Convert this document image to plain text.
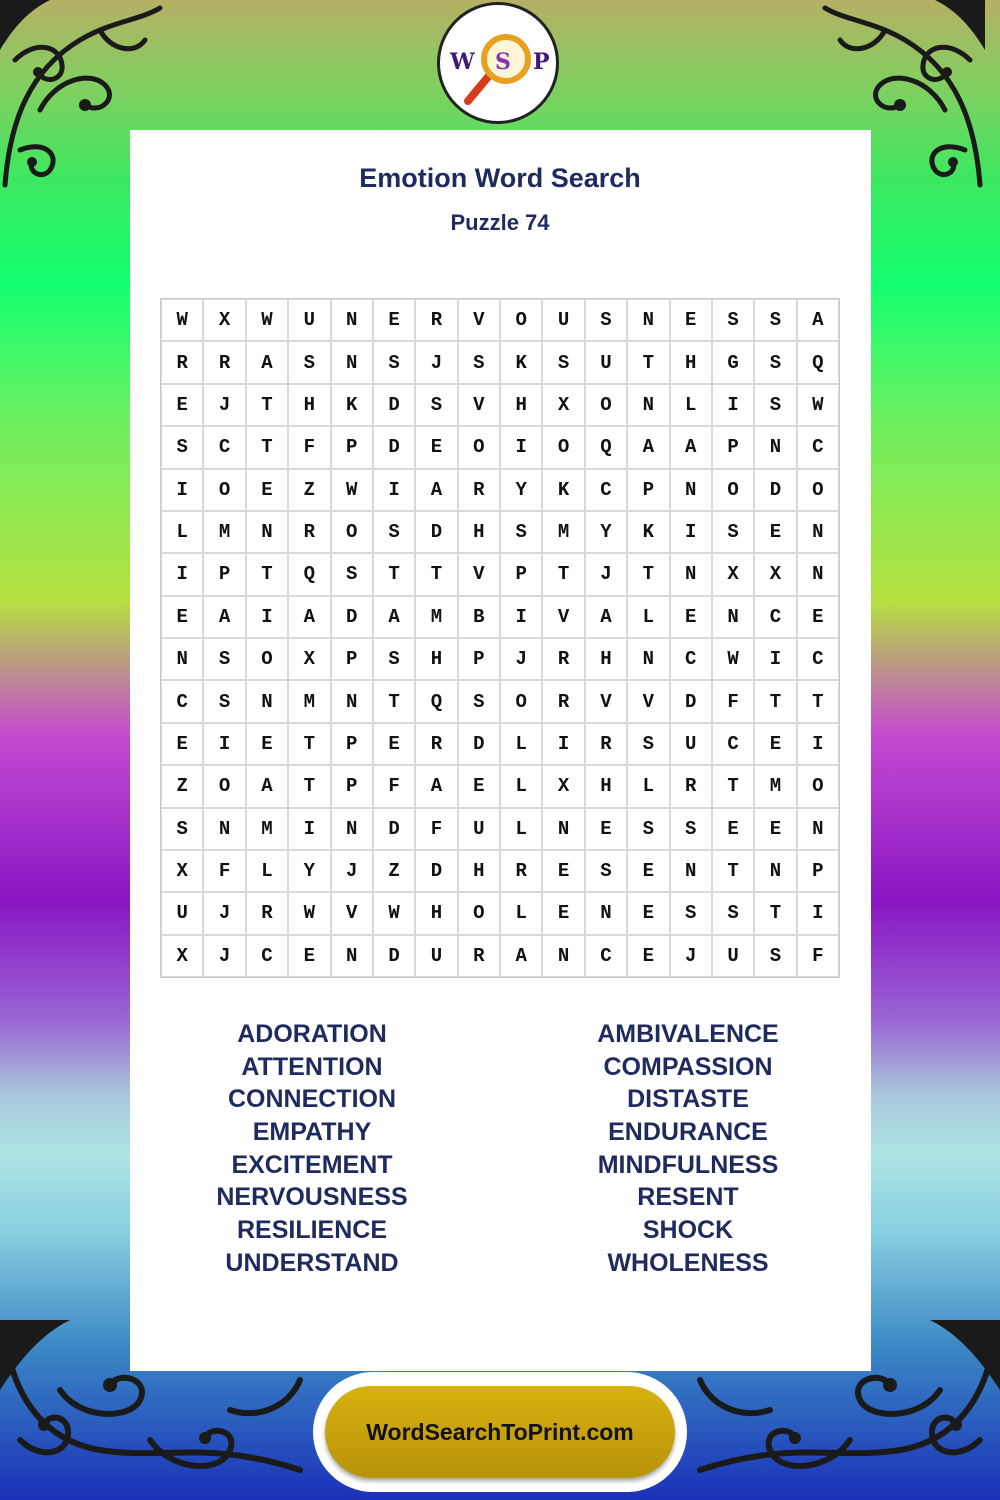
W S P
Emotion Word Search
Puzzle 74
W	X	W	U	N	E	R	V	O	U	S	N	E	S	S	A
R	R	A	S	N	S	J	S	K	S	U	T	H	G	S	Q
E	J	T	H	K	D	S	V	H	X	O	N	L	I	S	W
S	C	T	F	P	D	E	O	I	O	Q	A	A	P	N	C
I	O	E	Z	W	I	A	R	Y	K	C	P	N	O	D	O
L	M	N	R	O	S	D	H	S	M	Y	K	I	S	E	N
I	P	T	Q	S	T	T	V	P	T	J	T	N	X	X	N
E	A	I	A	D	A	M	B	I	V	A	L	E	N	C	E
N	S	O	X	P	S	H	P	J	R	H	N	C	W	I	C
C	S	N	M	N	T	Q	S	O	R	V	V	D	F	T	T
E	I	E	T	P	E	R	D	L	I	R	S	U	C	E	I
Z	O	A	T	P	F	A	E	L	X	H	L	R	T	M	O
S	N	M	I	N	D	F	U	L	N	E	S	S	E	E	N
X	F	L	Y	J	Z	D	H	R	E	S	E	N	T	N	P
U	J	R	W	V	W	H	O	L	E	N	E	S	S	T	I
X	J	C	E	N	D	U	R	A	N	C	E	J	U	S	F
ADORATION
ATTENTION
CONNECTION
EMPATHY
EXCITEMENT
NERVOUSNESS
RESILIENCE
UNDERSTAND
AMBIVALENCE
COMPASSION
DISTASTE
ENDURANCE
MINDFULNESS
RESENT
SHOCK
WHOLENESS
WordSearchToPrint.com
